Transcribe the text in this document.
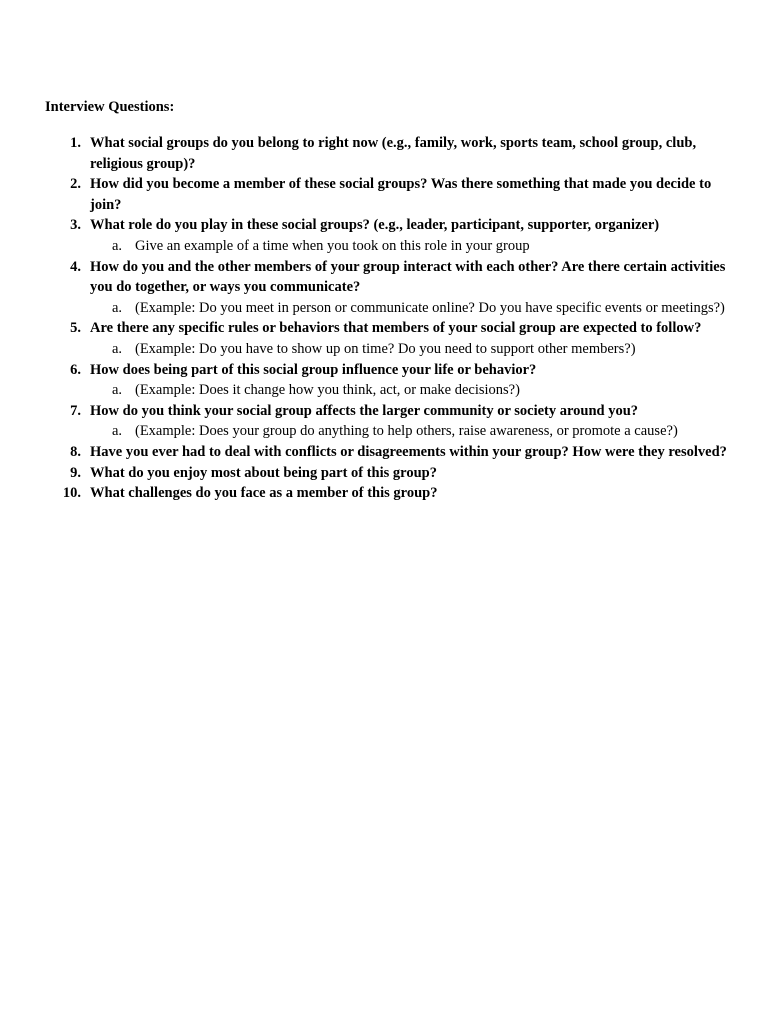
Interview Questions:
1. What social groups do you belong to right now (e.g., family, work, sports team, school group, club, religious group)?
2. How did you become a member of these social groups? Was there something that made you decide to join?
3. What role do you play in these social groups? (e.g., leader, participant, supporter, organizer)
a. Give an example of a time when you took on this role in your group
4. How do you and the other members of your group interact with each other? Are there certain activities you do together, or ways you communicate?
a. (Example: Do you meet in person or communicate online? Do you have specific events or meetings?)
5. Are there any specific rules or behaviors that members of your social group are expected to follow?
a. (Example: Do you have to show up on time? Do you need to support other members?)
6. How does being part of this social group influence your life or behavior?
a. (Example: Does it change how you think, act, or make decisions?)
7. How do you think your social group affects the larger community or society around you?
a. (Example: Does your group do anything to help others, raise awareness, or promote a cause?)
8. Have you ever had to deal with conflicts or disagreements within your group? How were they resolved?
9. What do you enjoy most about being part of this group?
10. What challenges do you face as a member of this group?
